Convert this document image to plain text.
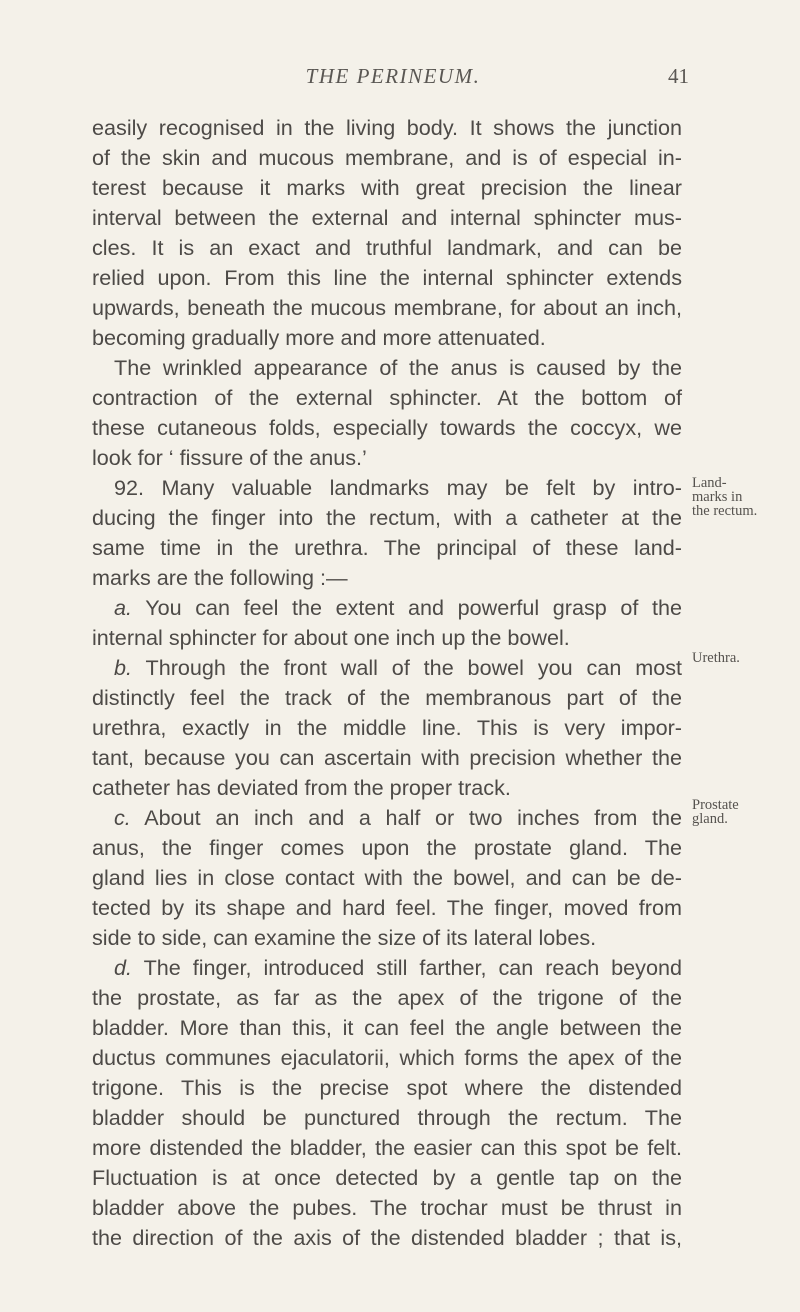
THE PERINEUM.	41
easily recognised in the living body. It shows the junction
of the skin and mucous membrane, and is of especial in-
terest because it marks with great precision the linear
interval between the external and internal sphincter mus-
cles. It is an exact and truthful landmark, and can be
relied upon. From this line the internal sphincter extends
upwards, beneath the mucous membrane, for about an inch,
becoming gradually more and more attenuated.
The wrinkled appearance of the anus is caused by the
contraction of the external sphincter. At the bottom of
these cutaneous folds, especially towards the coccyx, we
look for ‘ fissure of the anus.’
92. Many valuable landmarks may be felt by intro-
ducing the finger into the rectum, with a catheter at the
same time in the urethra. The principal of these land-
marks are the following :—
a. You can feel the extent and powerful grasp of the
internal sphincter for about one inch up the bowel.
b. Through the front wall of the bowel you can most
distinctly feel the track of the membranous part of the
urethra, exactly in the middle line. This is very impor-
tant, because you can ascertain with precision whether the
catheter has deviated from the proper track.
c. About an inch and a half or two inches from the
anus, the finger comes upon the prostate gland. The
gland lies in close contact with the bowel, and can be de-
tected by its shape and hard feel. The finger, moved from
side to side, can examine the size of its lateral lobes.
d. The finger, introduced still farther, can reach beyond
the prostate, as far as the apex of the trigone of the
bladder. More than this, it can feel the angle between the
ductus communes ejaculatorii, which forms the apex of the
trigone. This is the precise spot where the distended
bladder should be punctured through the rectum. The
more distended the bladder, the easier can this spot be felt.
Fluctuation is at once detected by a gentle tap on the
bladder above the pubes. The trochar must be thrust in
the direction of the axis of the distended bladder ; that is,
Land-
marks in
the rectum.
Urethra.
Prostate
gland.
